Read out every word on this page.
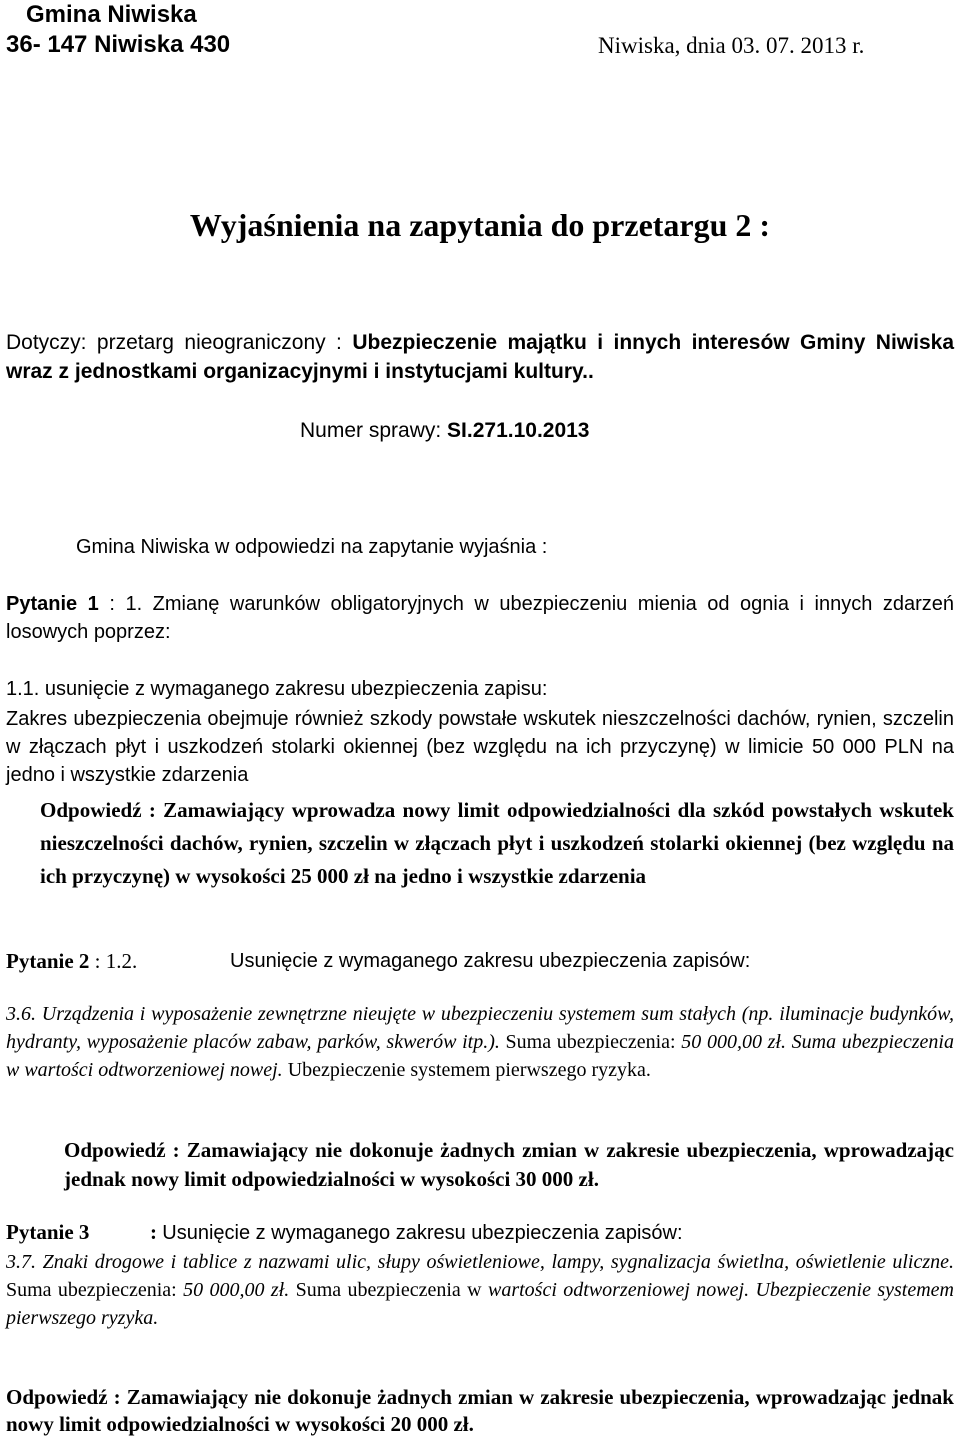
Gmina Niwiska
36- 147 Niwiska 430	Niwiska, dnia 03. 07. 2013 r.
Wyjaśnienia na zapytania do przetargu 2 :

Dotyczy: przetarg nieograniczony : Ubezpieczenie majątku i innych interesów Gminy Niwiska wraz z jednostkami organizacyjnymi i instytucjami kultury..

Numer sprawy: SI.271.10.2013
Gmina Niwiska w odpowiedzi na zapytanie wyjaśnia :

Pytanie 1 : 1. Zmianę warunków obligatoryjnych w ubezpieczeniu mienia od ognia i innych zdarzeń losowych poprzez:

1.1. usunięcie z wymaganego zakresu ubezpieczenia zapisu:

Zakres ubezpieczenia obejmuje również szkody powstałe wskutek nieszczelności dachów, rynien, szczelin w złączach płyt i uszkodzeń stolarki okiennej (bez względu na ich przyczynę) w limicie 50 000 PLN na jedno i wszystkie zdarzenia

Odpowiedź : Zamawiający wprowadza nowy limit odpowiedzialności dla szkód powstałych wskutek nieszczelności dachów, rynien, szczelin w złączach płyt i uszkodzeń stolarki okiennej (bez względu na ich przyczynę) w wysokości 25 000 zł na jedno i wszystkie zdarzenia

Pytanie 2 : 1.2.	Usunięcie z wymaganego zakresu ubezpieczenia zapisów:

3.6. Urządzenia i wyposażenie zewnętrzne nieujęte w ubezpieczeniu systemem sum stałych (np. iluminacje budynków, hydranty, wyposażenie placów zabaw, parków, skwerów itp.). Suma ubezpieczenia: 50 000,00 zł. Suma ubezpieczenia w wartości odtworzeniowej nowej. Ubezpieczenie systemem pierwszego ryzyka.

Odpowiedź : Zamawiający nie dokonuje żadnych zmian w zakresie ubezpieczenia, wprowadzając jednak nowy limit odpowiedzialności w wysokości 30 000 zł.

Pytanie 3	: Usunięcie z wymaganego zakresu ubezpieczenia zapisów:

3.7. Znaki drogowe i tablice z nazwami ulic, słupy oświetleniowe, lampy, sygnalizacja świetlna, oświetlenie uliczne. Suma ubezpieczenia: 50 000,00 zł. Suma ubezpieczenia w wartości odtworzeniowej nowej. Ubezpieczenie systemem pierwszego ryzyka.

Odpowiedź : Zamawiający nie dokonuje żadnych zmian w zakresie ubezpieczenia, wprowadzając jednak nowy limit odpowiedzialności w wysokości 20 000 zł.
